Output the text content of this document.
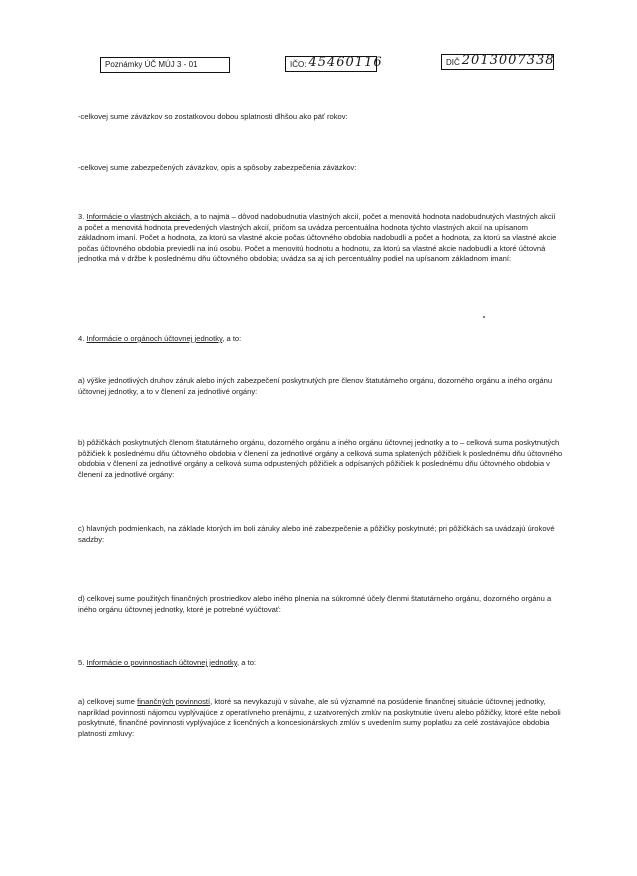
Poznámky ÚČ MÚJ 3 - 01	IČO: 45460116	DIČ 2013007338
-celkovej sume záväzkov so zostatkovou dobou splatnosti dlhšou ako päť rokov:
-celkovej sume zabezpečených záväzkov, opis a spôsoby zabezpečenia záväzkov:
3. Informácie o vlastných akciách, a to najmä – dôvod nadobudnutia vlastných akcií, počet a menovitá hodnota nadobudnutých vlastných akcií a počet a menovitá hodnota prevedených vlastných akcií, pričom sa uvádza percentuálna hodnota týchto vlastných akcií na upísanom základnom imaní. Počet a hodnota, za ktorú sa vlastné akcie počas účtovného obdobia nadobudli a počet a hodnota, za ktorú sa vlastné akcie počas účtovného obdobia previedli na inú osobu. Počet a menovitú hodnotu a hodnotu, za ktorú sa vlastné akcie nadobudli a ktoré účtovná jednotka má v držbe k poslednému dňu účtovného obdobia; uvádza sa aj ich percentuálny podiel na upísanom základnom imaní:
4. Informácie o orgánoch účtovnej jednotky, a to:
a) výške jednotlivých druhov záruk alebo iných zabezpečení poskytnutých pre členov štatutárneho orgánu, dozorného orgánu a iného orgánu účtovnej jednotky, a to v členení za jednotlivé orgány:
b) pôžičkách poskytnutých členom štatutárneho orgánu, dozorného orgánu a iného orgánu účtovnej jednotky a to – celková suma poskytnutých pôžičiek k poslednému dňu účtovného obdobia v členení za jednotlivé orgány a celková suma splatených pôžičiek k poslednému dňu účtovného obdobia v členení za jednotlivé orgány a celková suma odpustených pôžičiek a odpísaných pôžičiek k poslednému dňu účtovného obdobia v členení za jednotlivé orgány:
c) hlavných podmienkach, na základe ktorých im boli záruky alebo iné zabezpečenie a pôžičky poskytnuté; pri pôžičkách sa uvádzajú úrokové sadzby:
d) celkovej sume použitých finančných prostriedkov alebo iného plnenia na súkromné účely členmi štatutárneho orgánu, dozorného orgánu a iného orgánu účtovnej jednotky, ktoré je potrebné vyúčtovať:
5. Informácie o povinnostiach účtovnej jednotky, a to:
a) celkovej sume finančných povinností, ktoré sa nevykazujú v súvahe, ale sú významné na posúdenie finančnej situácie účtovnej jednotky, napríklad povinnosti nájomcu vyplývajúce z operatívneho prenájmu, z uzatvorených zmlúv na poskytnutie úveru alebo pôžičky, ktoré ešte neboli poskytnuté, finančné povinnosti vyplývajúce z licenčných a koncesionárskych zmlúv s uvedením sumy poplatku za celé zostávajúce obdobia platnosti zmluvy:
